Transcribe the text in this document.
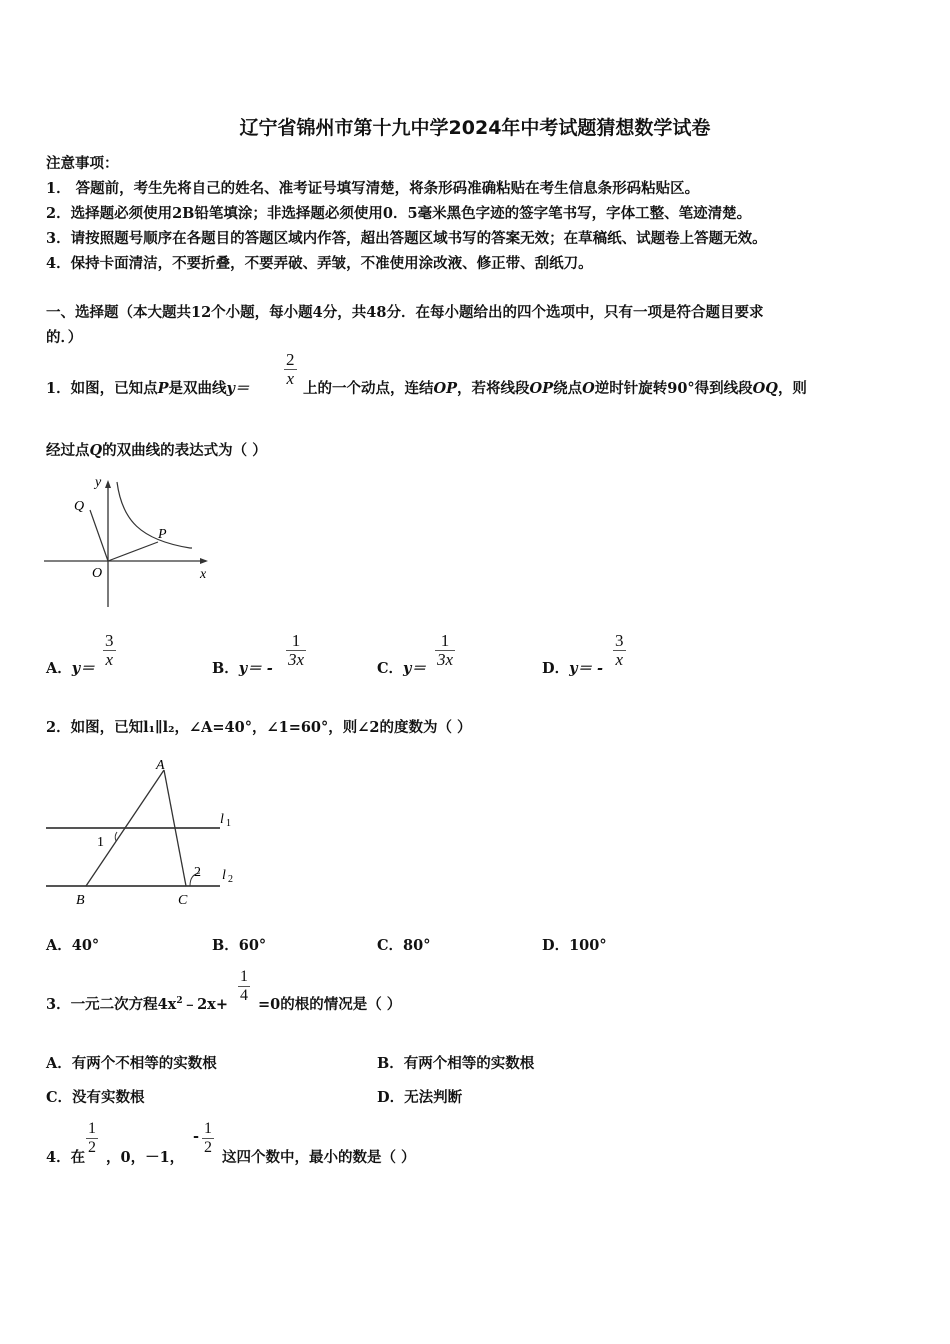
辽宁省锦州市第十九中学2024年中考试题猜想数学试卷
注意事项：
1． 答题前，考生先将自己的姓名、准考证号填写清楚，将条形码准确粘贴在考生信息条形码粘贴区。
2．选择题必须使用2B铅笔填涂；非选择题必须使用0．5毫米黑色字迹的签字笔书写，字体工整、笔迹清楚。
3．请按照题号顺序在各题目的答题区域内作答，超出答题区域书写的答案无效；在草稿纸、试题卷上答题无效。
4．保持卡面清洁，不要折叠，不要弄破、弄皱，不准使用涂改液、修正带、刮纸刀。
一、选择题（本大题共12个小题，每小题4分，共48分．在每小题给出的四个选项中，只有一项是符合题目要求
的．）
1．如图，已知点P是双曲线y＝
$\frac{2}{x}$
上的一个动点，连结OP，若将线段OP绕点O逆时针旋转90°得到线段OQ，则
经过点Q的双曲线的表达式为（ ）
y
x
Q
P
O
A．$y= \frac{3}{x}$	B．$y= - \frac{1}{3x}$	C．$y= \frac{1}{3x}$	D．$y= - \frac{3}{x}$
2．如图，已知l₁∥l₂，∠A=40°，∠1=60°，则∠2的度数为（ ）
A
B	C
1
2
l 1
l 2
A．40°	B．60°	C．80°	D．100°
3．一元二次方程$4x^2﹣2x+ \frac{1}{4} =0$的根的情况是（ ）
A．有两个不相等的实数根	B．有两个相等的实数根
C．没有实数根	D．无法判断
4．在
$\frac{1}{2}$
，0，－1，
- $\frac{1}{2}$
这四个数中，最小的数是（ ）
